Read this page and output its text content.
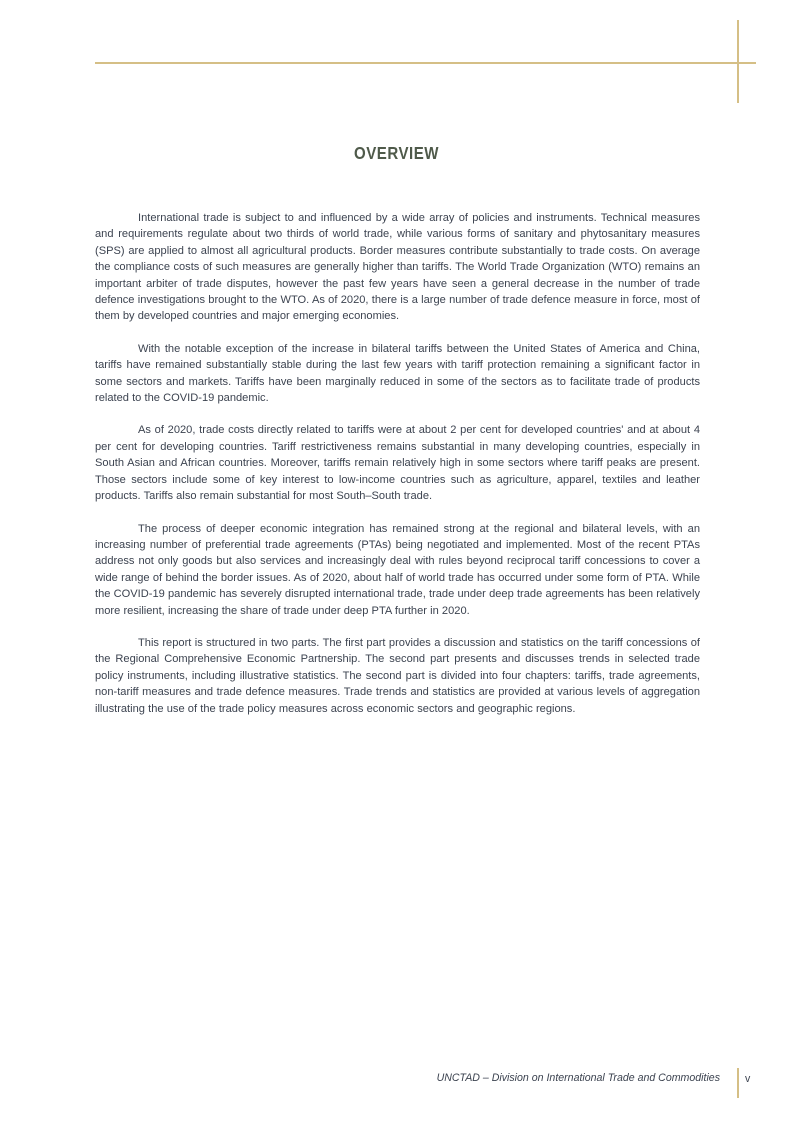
OVERVIEW

International trade is subject to and influenced by a wide array of policies and instruments. Technical measures and requirements regulate about two thirds of world trade, while various forms of sanitary and phytosanitary measures (SPS) are applied to almost all agricultural products. Border measures contribute substantially to trade costs. On average the compliance costs of such measures are generally higher than tariffs. The World Trade Organization (WTO) remains an important arbiter of trade disputes, however the past few years have seen a general decrease in the number of trade defence investigations brought to the WTO. As of 2020, there is a large number of trade defence measure in force, most of them by developed countries and major emerging economies.

With the notable exception of the increase in bilateral tariffs between the United States of America and China, tariffs have remained substantially stable during the last few years with tariff protection remaining a significant factor in some sectors and markets. Tariffs have been marginally reduced in some of the sectors as to facilitate trade of products related to the COVID-19 pandemic.

As of 2020, trade costs directly related to tariffs were at about 2 per cent for developed countries' and at about 4 per cent for developing countries. Tariff restrictiveness remains substantial in many developing countries, especially in South Asian and African countries. Moreover, tariffs remain relatively high in some sectors where tariff peaks are present. Those sectors include some of key interest to low-income countries such as agriculture, apparel, textiles and leather products. Tariffs also remain substantial for most South–South trade.

The process of deeper economic integration has remained strong at the regional and bilateral levels, with an increasing number of preferential trade agreements (PTAs) being negotiated and implemented. Most of the recent PTAs address not only goods but also services and increasingly deal with rules beyond reciprocal tariff concessions to cover a wide range of behind the border issues. As of 2020, about half of world trade has occurred under some form of PTA. While the COVID-19 pandemic has severely disrupted international trade, trade under deep trade agreements has been relatively more resilient, increasing the share of trade under deep PTA further in 2020.

This report is structured in two parts. The first part provides a discussion and statistics on the tariff concessions of the Regional Comprehensive Economic Partnership. The second part presents and discusses trends in selected trade policy instruments, including illustrative statistics. The second part is divided into four chapters: tariffs, trade agreements, non-tariff measures and trade defence measures. Trade trends and statistics are provided at various levels of aggregation illustrating the use of the trade policy measures across economic sectors and geographic regions.

UNCTAD – Division on International Trade and Commodities v
